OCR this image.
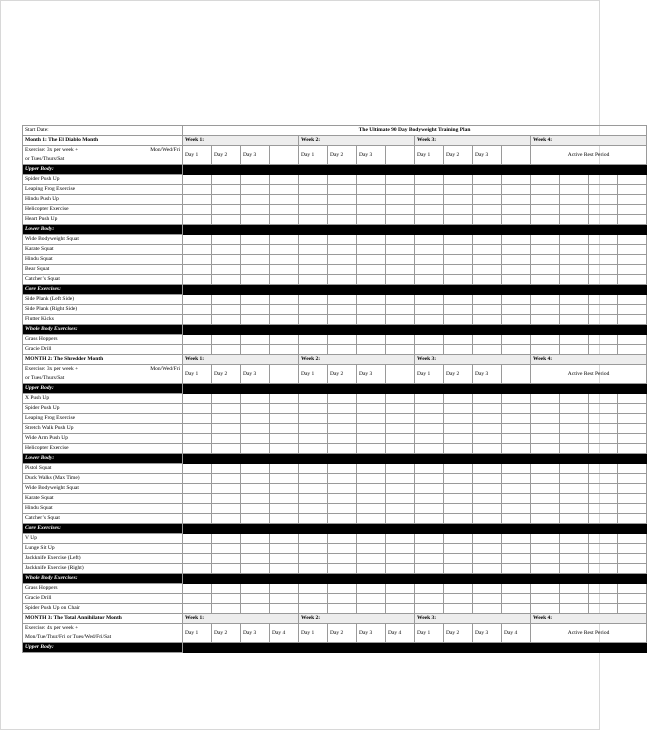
Start Date:	The Ultimate 90 Day Bodyweight Training Plan															
Month 1: The El Diablo Month	Week 1:				Week 2:				Week 3:				Week 4:			
Exercise: 3x per week + Mon/Wed/Fri

or Tues/Thurs/Sat	Day 1	Day 2	Day 3		Day 1	Day 2	Day 3		Day 1	Day 2	Day 3		Active Rest Period			
Upper Body:																
Spider Push Up																
Leaping Frog Exercise																
Hindu Push Up																
Helicopter Exercise																
Heart Push Up																
Lower Body:																
Wide Bodyweight Squat																
Karate Squat																
Hindu Squat																
Bear Squat																
Catcher’s Squat																
Core Exercises:																
Side Plank (Left Side)																
Side Plank (Right Side)																
Flutter Kicks																
Whole Body Exercises:																
Grass Hoppers																
Gracie Drill																
MONTH 2: The Shredder Month	Week 1:				Week 2:				Week 3:				Week 4:			
Exercise: 3x per week + Mon/Wed/Fri

or Tues/Thurs/Sat	Day 1	Day 2	Day 3		Day 1	Day 2	Day 3		Day 1	Day 2	Day 3		Active Rest Period			
Upper Body:																
X Push Up																
Spider Push Up																
Leaping Frog Exercise																
Stretch Walk Push Up																
Wide Arm Push Up																
Helicopter Exercise																
Lower Body:																
Pistol Squat																
Duck Walks (Max Time)																
Wide Bodyweight Squat																
Karate Squat																
Hindu Squat																
Catcher’s Squat																
Core Exercises:																
V Up																
Lunge Sit Up																
Jackknife Exercise (Left)																
Jackknife Exercise (Right)																
Whole Body Exercises:																
Grass Hoppers																
Gracie Drill																
Spider Push Up on Chair																
MONTH 3: The Total Annihilator Month	Week 1:				Week 2:				Week 3:				Week 4:			
Exercise: 4x per week +
Mon/Tue/Thur/Fri or Tues/Wed/Fri/Sat	Day 1	Day 2	Day 3	Day 4	Day 1	Day 2	Day 3	Day 4	Day 1	Day 2	Day 3	Day 4	Active Rest Period			
Upper Body:																
